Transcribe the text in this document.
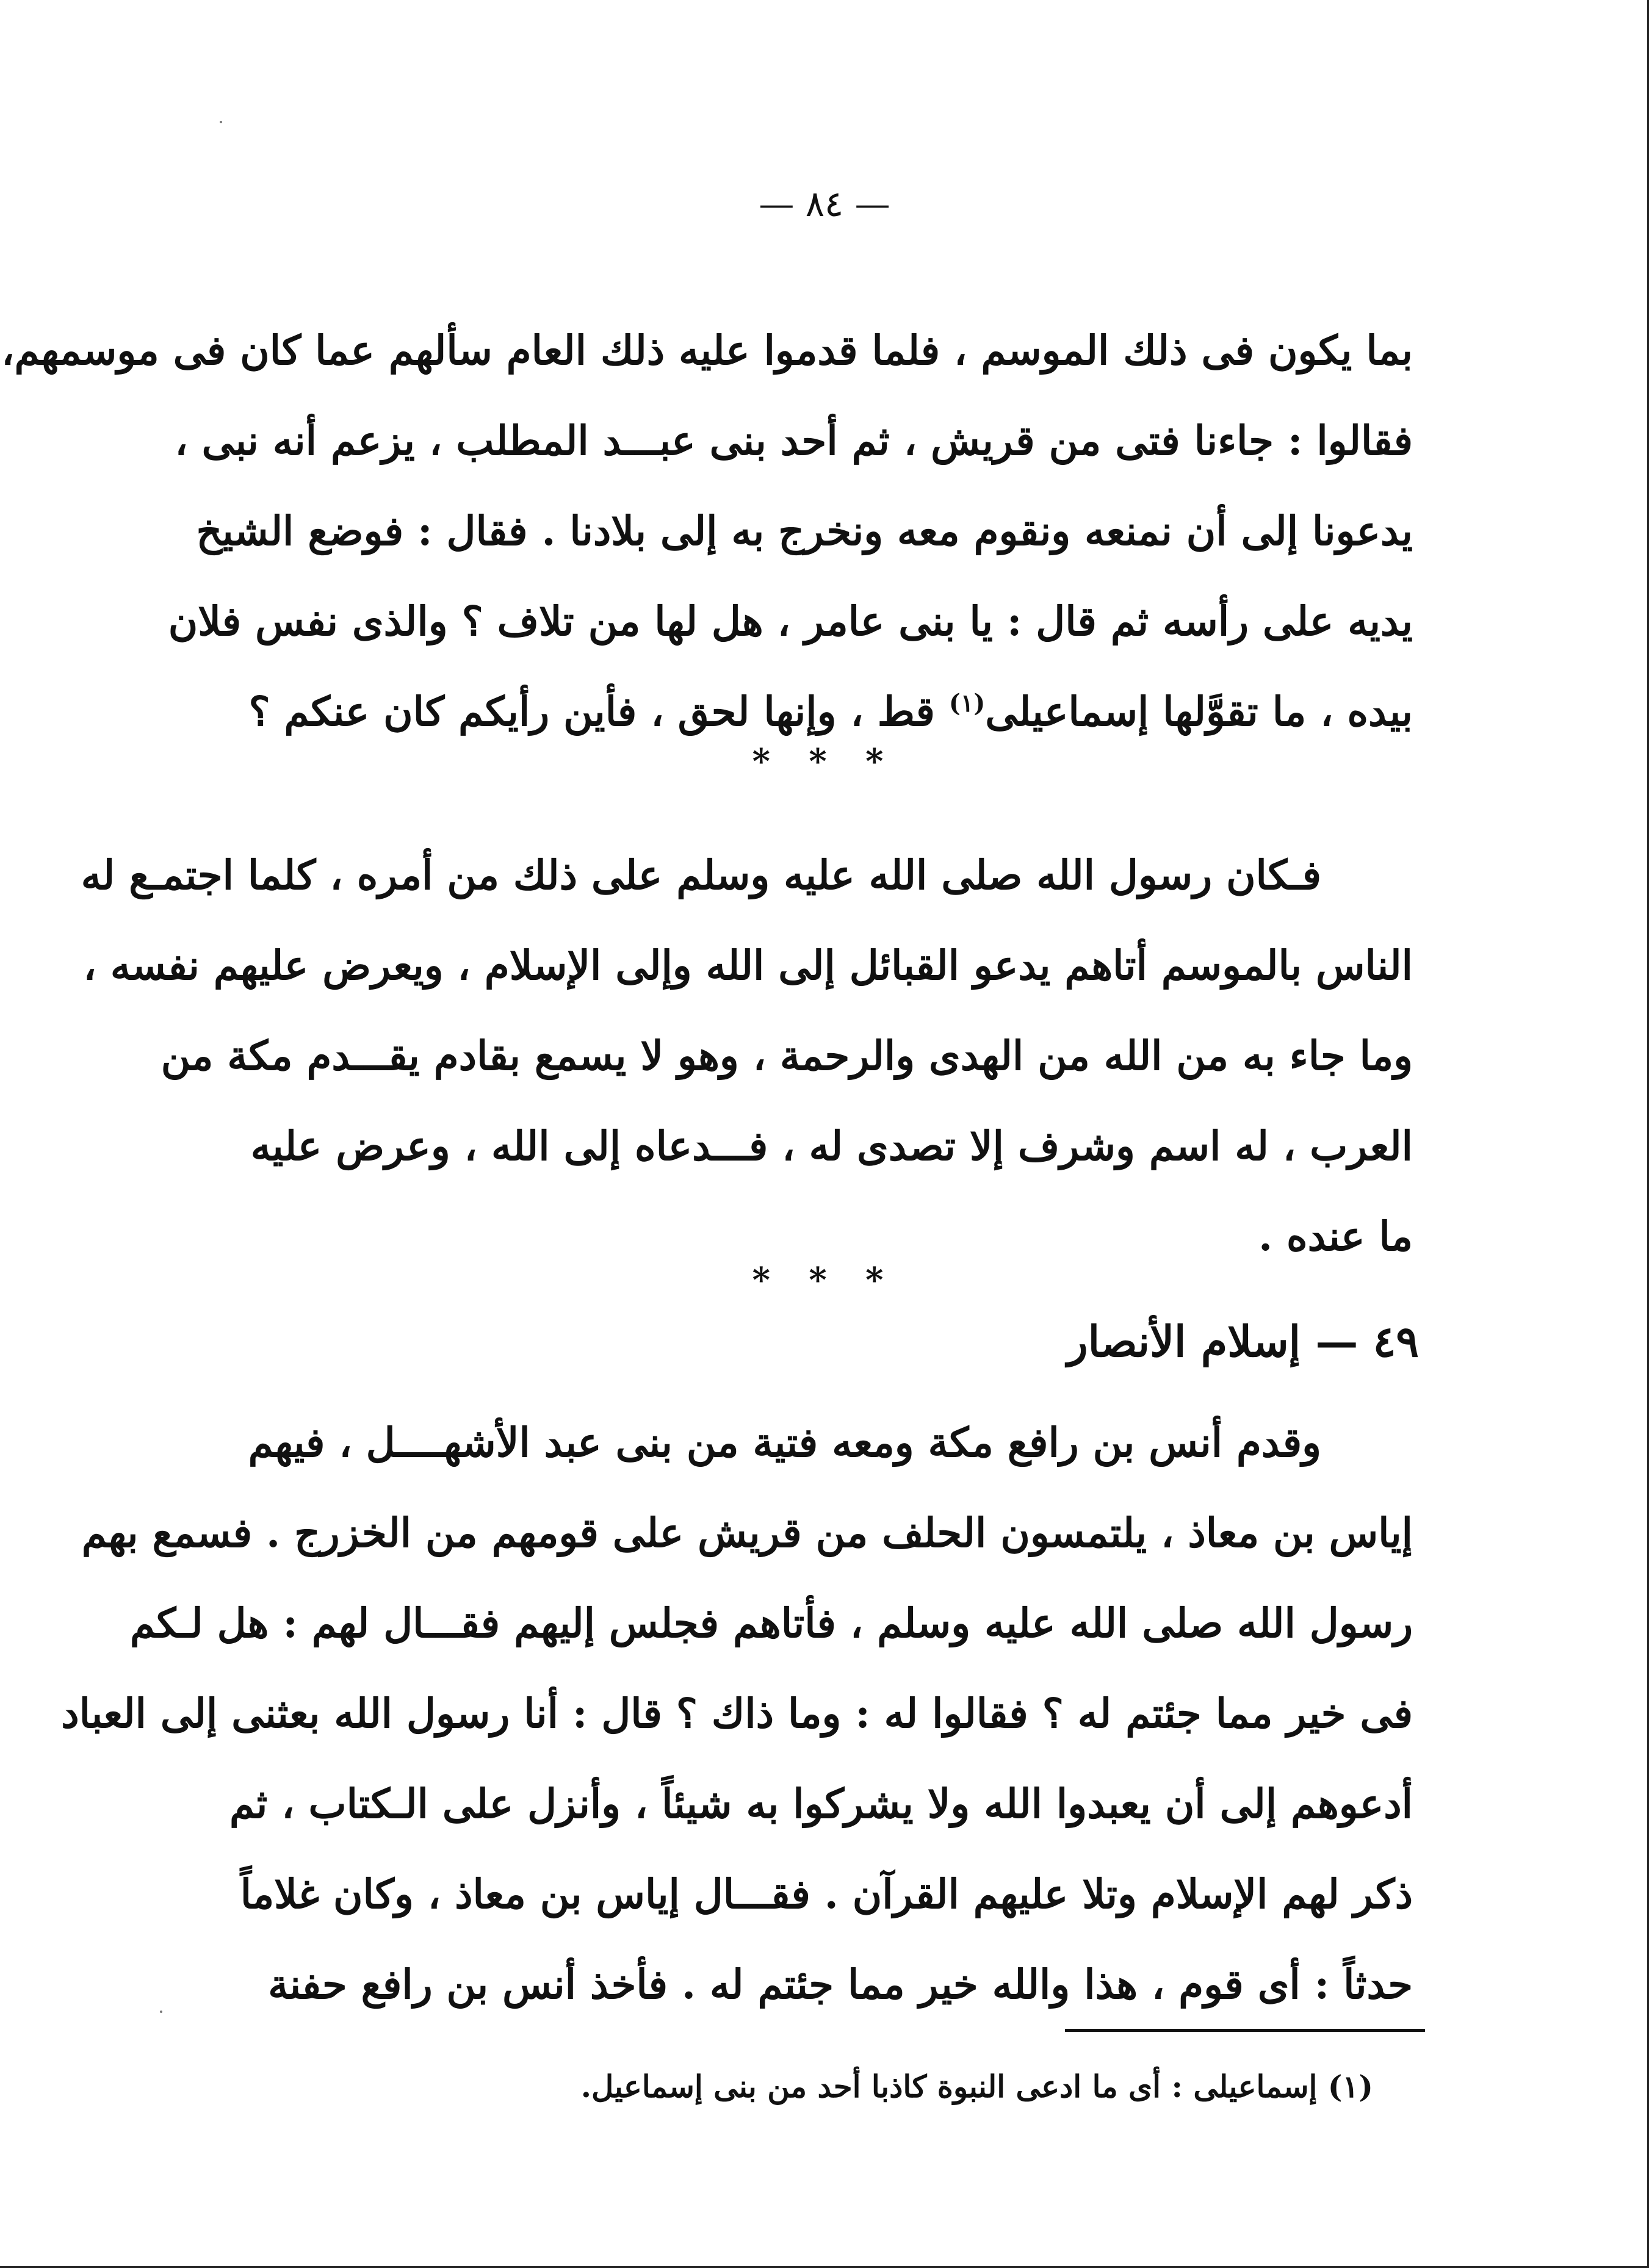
— ٨٤ —
بما يكون فى ذلك الموسم ، فلما قدموا عليه ذلك العام سألهم عما كان فى موسمهم،
فقالوا : جاءنا فتى من قريش ، ثم أحد بنى عبـــد المطلب ، يزعم أنه نبى ،
يدعونا إلى أن نمنعه ونقوم معه ونخرج به إلى بلادنا . فقال : فوضع الشيخ
يديه على رأسه ثم قال : يا بنى عامر ، هل لها من تلاف ؟ والذى نفس فلان
بيده ، ما تقوَّلها إسماعيلى$^{(١)}$ قط ، وإنها لحق ، فأين رأيكم كان عنكم ؟
* * *
فـكان رسول الله صلى الله عليه وسلم على ذلك من أمره ، كلما اجتمـع له
الناس بالموسم أتاهم يدعو القبائل إلى الله وإلى الإسلام ، ويعرض عليهم نفسه ،
وما جاء به من الله من الهدى والرحمة ، وهو لا يسمع بقادم يقـــدم مكة من
العرب ، له اسم وشرف إلا تصدى له ، فـــدعاه إلى الله ، وعرض عليه
ما عنده .
* * *
٤٩ — إسلام الأنصار
وقدم أنس بن رافع مكة ومعه فتية من بنى عبد الأشهــــل ، فيهم
إياس بن معاذ ، يلتمسون الحلف من قريش على قومهم من الخزرج . فسمع بهم
رسول الله صلى الله عليه وسلم ، فأتاهم فجلس إليهم فقـــال لهم : هل لـكم
فى خير مما جئتم له ؟ فقالوا له : وما ذاك ؟ قال : أنا رسول الله بعثنى إلى العباد
أدعوهم إلى أن يعبدوا الله ولا يشركوا به شيئاً ، وأنزل على الـكتاب ، ثم
ذكر لهم الإسلام وتلا عليهم القرآن . فقـــال إياس بن معاذ ، وكان غلاماً
حدثاً : أى قوم ، هذا والله خير مما جئتم له . فأخذ أنس بن رافع حفنة
(١) إسماعيلى : أى ما ادعى النبوة كاذبا أحد من بنى إسماعيل.
